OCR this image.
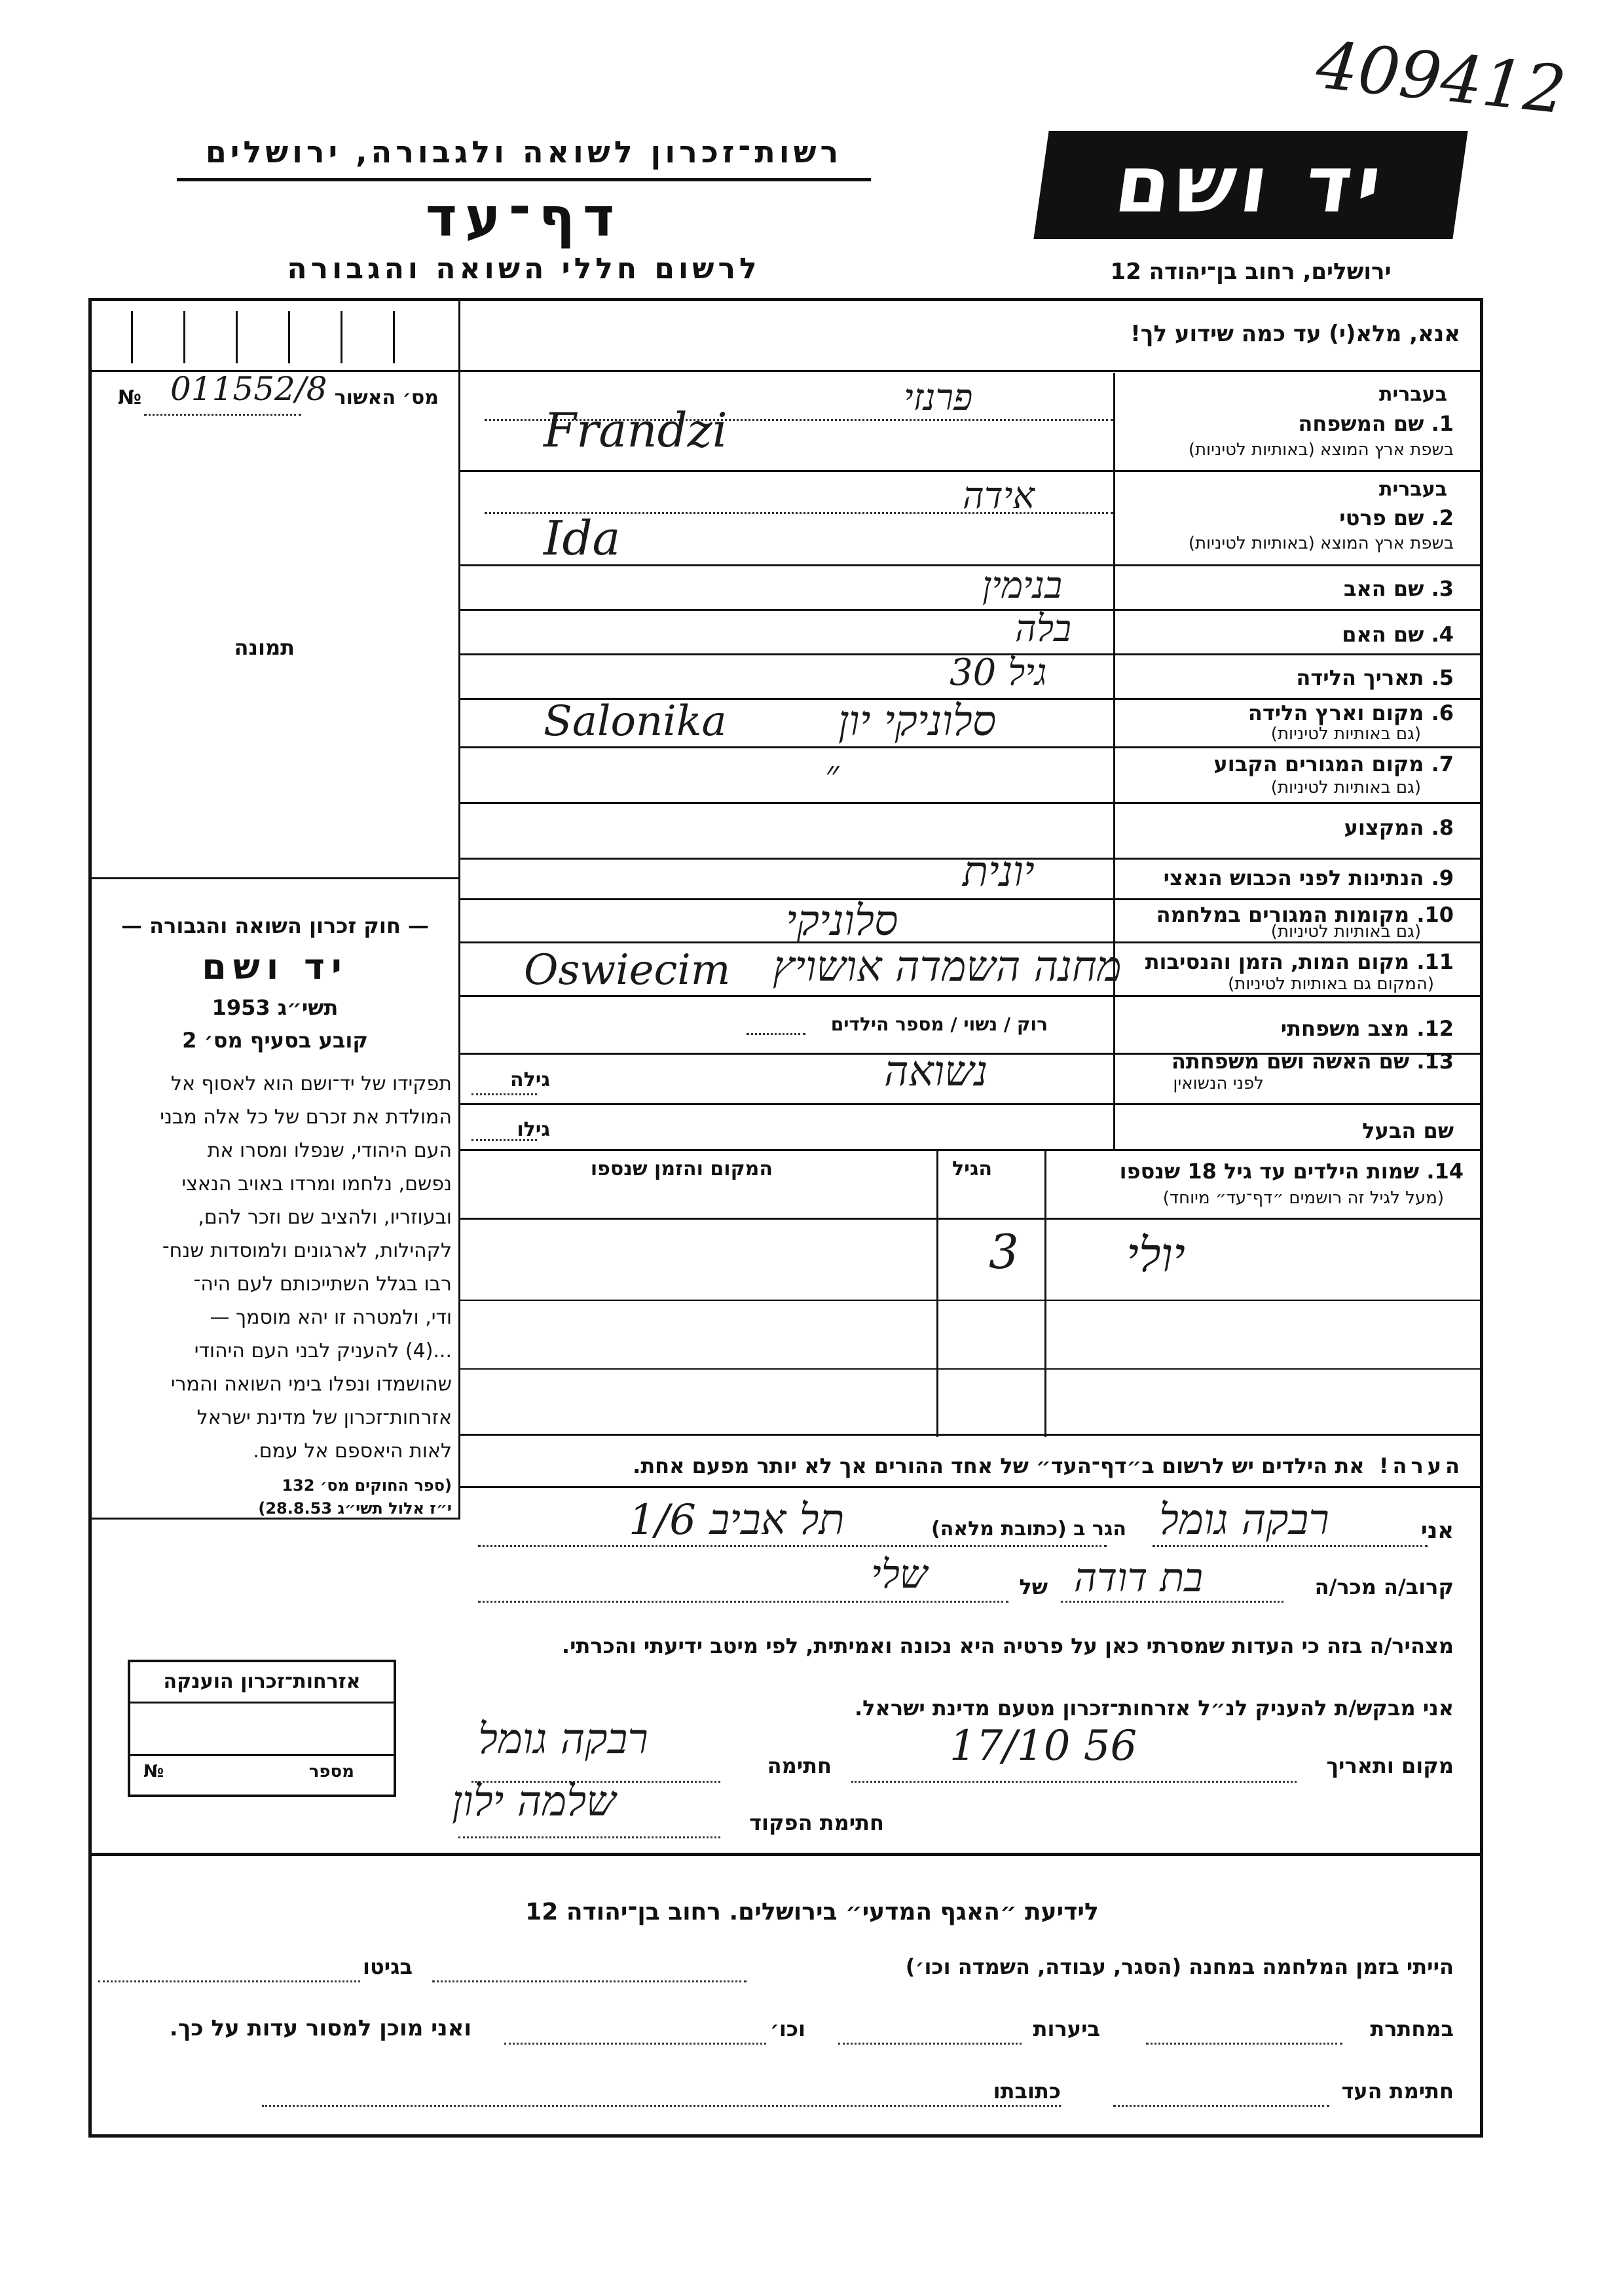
409412
יד ושם
רשות־זכרון לשואה ולגבורה, ירושלים
דף־עד
לרשום חללי השואה והגבורה	ירושלים, רחוב בן־יהודה 12
אנא, מלא(י) עד כמה שידוע לך!
מס׳ האשור
011552/8
№
תמונה
— חוק זכרון השואה והגבורה —
יד ושם
תשי״ג 1953
קובע בסעיף מס׳ 2
תפקידו של יד־ושם הוא לאסוף אל
המולדת את זכרם של כל אלה מבני
העם היהודי, שנפלו ומסרו את
נפשם, נלחמו ומרדו באויב הנאצי
ובעוזריו, ולהציב שם וזכר להם,
לקהילות, לארגונים ולמוסדות שנח־
רבו בגלל השתייכותם לעם היה־
ודי, ולמטרה זו יהא מוסמך —
...(4) להעניק לבני העם היהודי
שהושמדו ונפלו בימי השואה והמרי
אזרחות־זכרון של מדינת ישראל
לאות היאספם אל עמם.
(ספר החוקים מס׳ 132
י״ז אלול תשי״ג 28.8.53)
בעברית
1. שם המשפחה
בשפת ארץ המוצא (באותיות לטיניות)
פרנזי
Frandzi
בעברית
2. שם פרטי
בשפת ארץ המוצא (באותיות לטיניות)
אידה
Ida
3. שם האב
בנימין
4. שם האם
בלה
5. תאריך הלידה
גיל 30
6. מקום וארץ הלידה
(גם באותיות לטיניות)
סלוניקי יון
Salonika
7. מקום המגורים הקבוע
(גם באותיות לטיניות)
״
8. המקצוע
9. הנתינות לפני הכבוש הנאצי
יונית
10. מקומות המגורים במלחמה
(גם באותיות לטיניות)
סלוניקי
11. מקום המות, הזמן והנסיבות
(המקום גם באותיות לטיניות)
מחנה השמדה אושויץ
Oswiecim
12. מצב משפחתי
רוק / נשוי / מספר הילדים
13. שם האשה ושם משפחתה
לפני הנשואין
גילה	נשואה
שם הבעל
גילו
14. שמות הילדים עד גיל 18 שנספו
(מעל לגיל זה רושמים ״דף־עד״ מיוחד)
הגיל
המקום והזמן שנספו
יולי
3
הערה!  את הילדים יש לרשום ב״דף־העד״ של אחד ההורים אך לא יותר מפעם אחת.
אני
רבקה גומל
הגר ב (כתובת מלאה)
תל אביב 1/6
קרוב/ה מכר/ה
בת דודה
של
שלי
מצהיר/ה בזה כי העדות שמסרתי כאן על פרטיה היא נכונה ואמיתית, לפי מיטב ידיעתי והכרתי.
אני מבקש/ת להעניק לנ״ל אזרחות־זכרון מטעם מדינת ישראל.
מקום ותאריך
17/10 56
חתימה
רבקה גומל
חתימת הפקוד
שלמה ילון
אזרחות־זכרון הוענקה
מספר
№
לידיעת ״האגף המדעי״ בירושלים. רחוב בן־יהודה 12
הייתי בזמן המלחמה במחנה (הסגר, עבודה, השמדה וכו׳)
בגיטו
במחתרת
ביערות
וכו׳
ואני מוכן למסור עדות על כך.
חתימת העד
כתובתו
